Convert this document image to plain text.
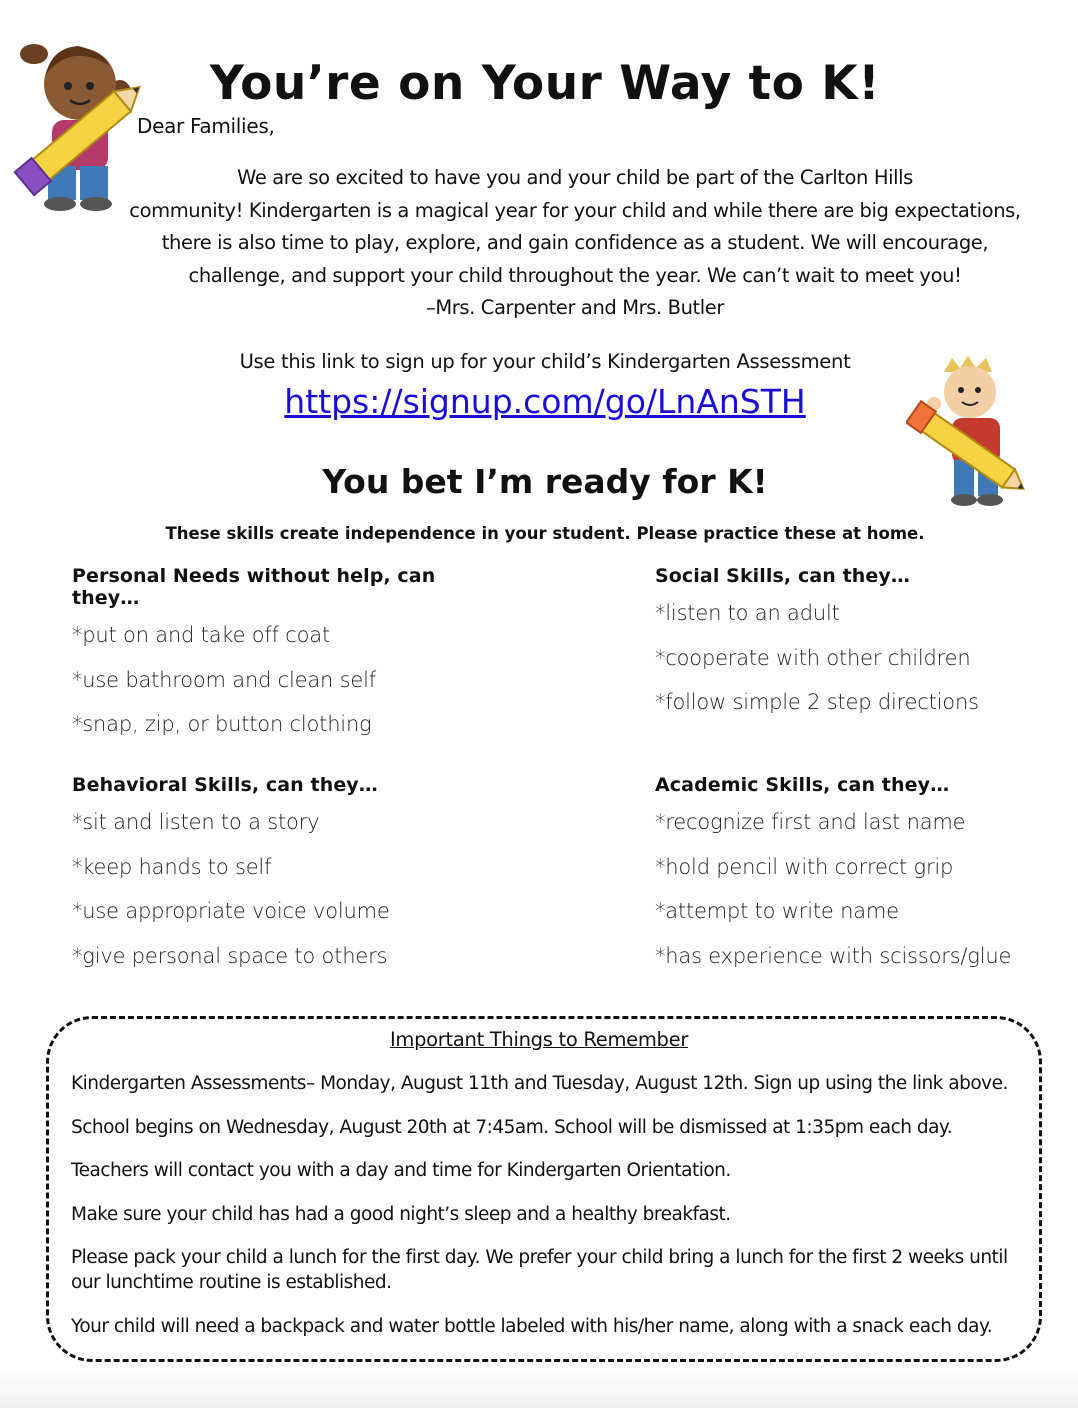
You’re on Your Way to K!
Dear Families,

We are so excited to have you and your child be part of the Carlton Hills

community! Kindergarten is a magical year for your child and while there are big expectations,

there is also time to play, explore, and gain confidence as a student. We will encourage,

challenge, and support your child throughout the year. We can’t wait to meet you!

–Mrs. Carpenter and Mrs. Butler

Use this link to sign up for your child’s Kindergarten Assessment
https://signup.com/go/LnAnSTH
You bet I’m ready for K!
These skills create independence in your student. Please practice these at home.
Personal Needs without help, can they…
*put on and take off coat
*use bathroom and clean self
*snap, zip, or button clothing
Social Skills, can they…
*listen to an adult
*cooperate with other children
*follow simple 2 step directions
Behavioral Skills, can they…
*sit and listen to a story
*keep hands to self
*use appropriate voice volume
*give personal space to others
Academic Skills, can they…
*recognize first and last name
*hold pencil with correct grip
*attempt to write name
*has experience with scissors/glue
Important Things to Remember
Kindergarten Assessments– Monday, August 11th and Tuesday, August 12th. Sign up using the link above.
School begins on Wednesday, August 20th at 7:45am. School will be dismissed at 1:35pm each day.
Teachers will contact you with a day and time for Kindergarten Orientation.
Make sure your child has had a good night’s sleep and a healthy breakfast.
Please pack your child a lunch for the first day. We prefer your child bring a lunch for the first 2 weeks until our lunchtime routine is established.
Your child will need a backpack and water bottle labeled with his/her name, along with a snack each day.
